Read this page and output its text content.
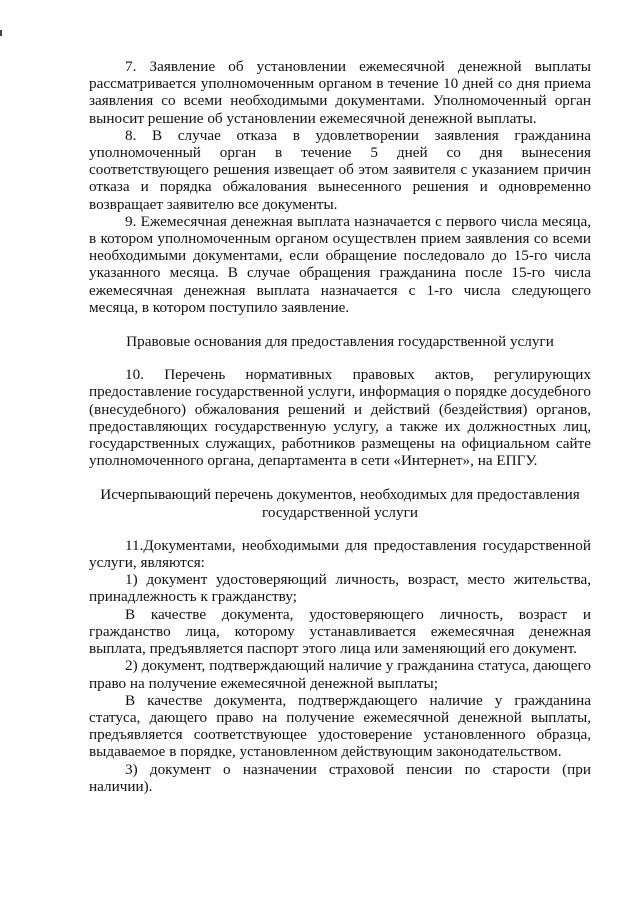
7. Заявление об установлении ежемесячной денежной выплаты рассматривается уполномоченным органом в течение 10 дней со дня приема заявления со всеми необходимыми документами. Уполномоченный орган выносит решение об установлении ежемесячной денежной выплаты.

8. В случае отказа в удовлетворении заявления гражданина уполномоченный орган в течение 5 дней со дня вынесения соответствующего решения извещает об этом заявителя с указанием причин отказа и порядка обжалования вынесенного решения и одновременно возвращает заявителю все документы.

9. Ежемесячная денежная выплата назначается с первого числа месяца, в котором уполномоченным органом осуществлен прием заявления со всеми необходимыми документами, если обращение последовало до 15-го числа указанного месяца. В случае обращения гражданина после 15-го числа ежемесячная денежная выплата назначается с 1-го числа следующего месяца, в котором поступило заявление.

Правовые основания для предоставления государственной услуги

10. Перечень нормативных правовых актов, регулирующих предоставление государственной услуги, информация о порядке досудебного (внесудебного) обжалования решений и действий (бездействия) органов, предоставляющих государственную услугу, а также их должностных лиц, государственных служащих, работников размещены на официальном сайте уполномоченного органа, департамента в сети «Интернет», на ЕПГУ.

Исчерпывающий перечень документов, необходимых для предоставления

государственной услуги

11.Документами, необходимыми для предоставления государственной услуги, являются:

1) документ удостоверяющий личность, возраст, место жительства, принадлежность к гражданству;

В качестве документа, удостоверяющего личность, возраст и гражданство лица, которому устанавливается ежемесячная денежная выплата, предъявляется паспорт этого лица или заменяющий его документ.

2) документ, подтверждающий наличие у гражданина статуса, дающего право на получение ежемесячной денежной выплаты;

В качестве документа, подтверждающего наличие у гражданина статуса, дающего право на получение ежемесячной денежной выплаты, предъявляется соответствующее удостоверение установленного образца, выдаваемое в порядке, установленном действующим законодательством.

3) документ о назначении страховой пенсии по старости (при наличии).
